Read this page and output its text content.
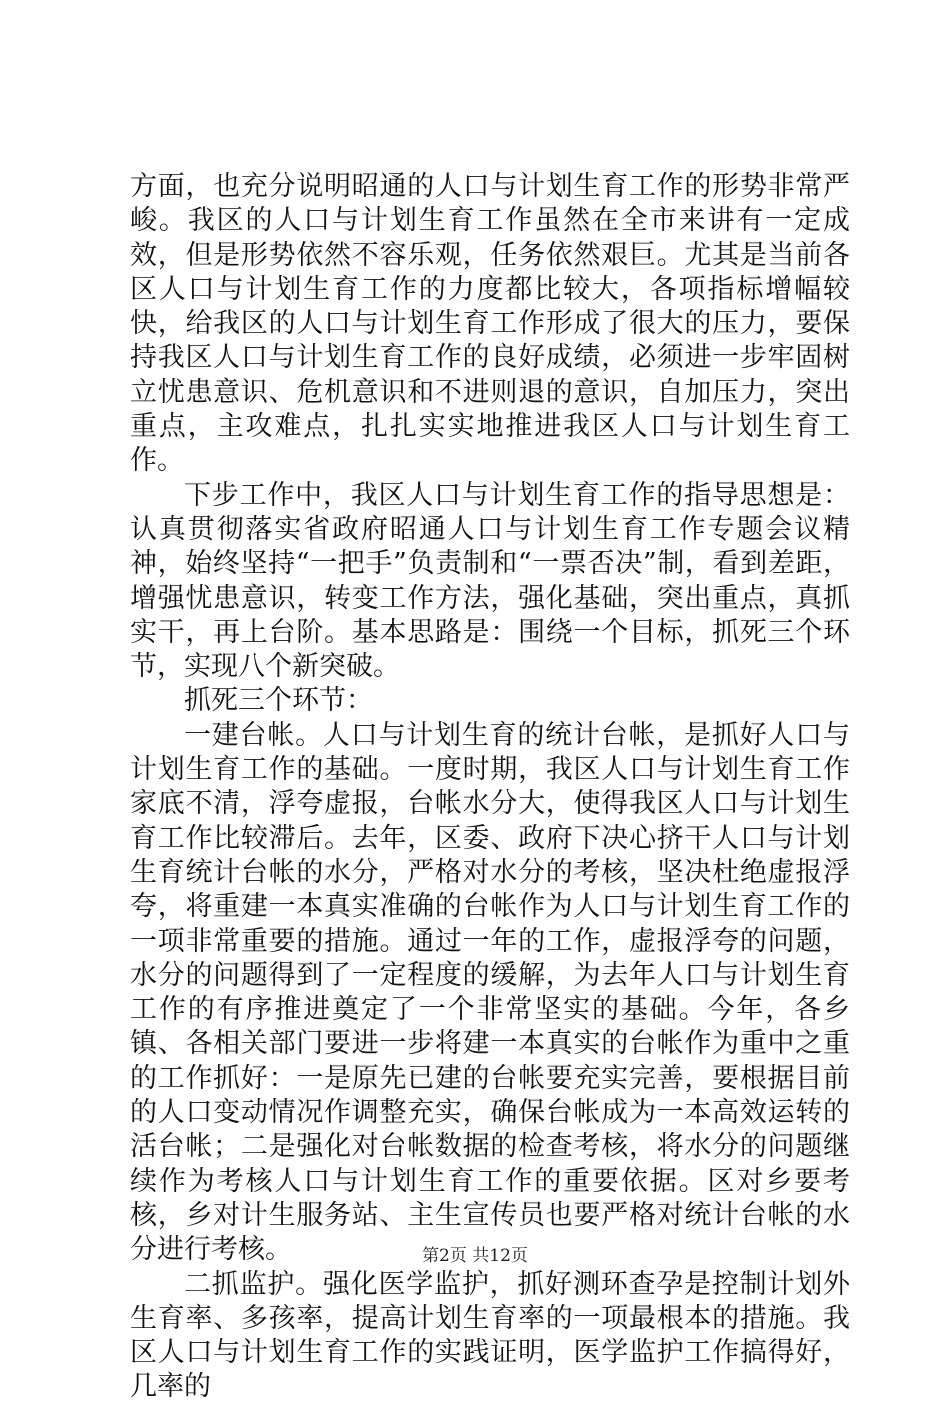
方面，也充分说明昭通的人口与计划生育工作的形势非常严峻。我区的人口与计划生育工作虽然在全市来讲有一定成效，但是形势依然不容乐观，任务依然艰巨。尤其是当前各区人口与计划生育工作的力度都比较大，各项指标增幅较快，给我区的人口与计划生育工作形成了很大的压力，要保持我区人口与计划生育工作的良好成绩，必须进一步牢固树立忧患意识、危机意识和不进则退的意识，自加压力，突出重点，主攻难点，扎扎实实地推进我区人口与计划生育工作。

下步工作中，我区人口与计划生育工作的指导思想是：认真贯彻落实省政府昭通人口与计划生育工作专题会议精神，始终坚持“一把手”负责制和“一票否决”制，看到差距，增强忧患意识，转变工作方法，强化基础，突出重点，真抓实干，再上台阶。基本思路是：围绕一个目标，抓死三个环节，实现八个新突破。

抓死三个环节：

一建台帐。人口与计划生育的统计台帐，是抓好人口与计划生育工作的基础。一度时期，我区人口与计划生育工作家底不清，浮夸虚报，台帐水分大，使得我区人口与计划生育工作比较滞后。去年，区委、政府下决心挤干人口与计划生育统计台帐的水分，严格对水分的考核，坚决杜绝虚报浮夸，将重建一本真实准确的台帐作为人口与计划生育工作的一项非常重要的措施。通过一年的工作，虚报浮夸的问题，水分的问题得到了一定程度的缓解，为去年人口与计划生育工作的有序推进奠定了一个非常坚实的基础。今年，各乡镇、各相关部门要进一步将建一本真实的台帐作为重中之重的工作抓好：一是原先已建的台帐要充实完善，要根据目前的人口变动情况作调整充实，确保台帐成为一本高效运转的活台帐；二是强化对台帐数据的检查考核，将水分的问题继续作为考核人口与计划生育工作的重要依据。区对乡要考核，乡对计生服务站、主生宣传员也要严格对统计台帐的水分进行考核。

二抓监护。强化医学监护，抓好测环查孕是控制计划外生育率、多孩率，提高计划生育率的一项最根本的措施。我区人口与计划生育工作的实践证明，医学监护工作搞得好，几率的

第2页 共12页
